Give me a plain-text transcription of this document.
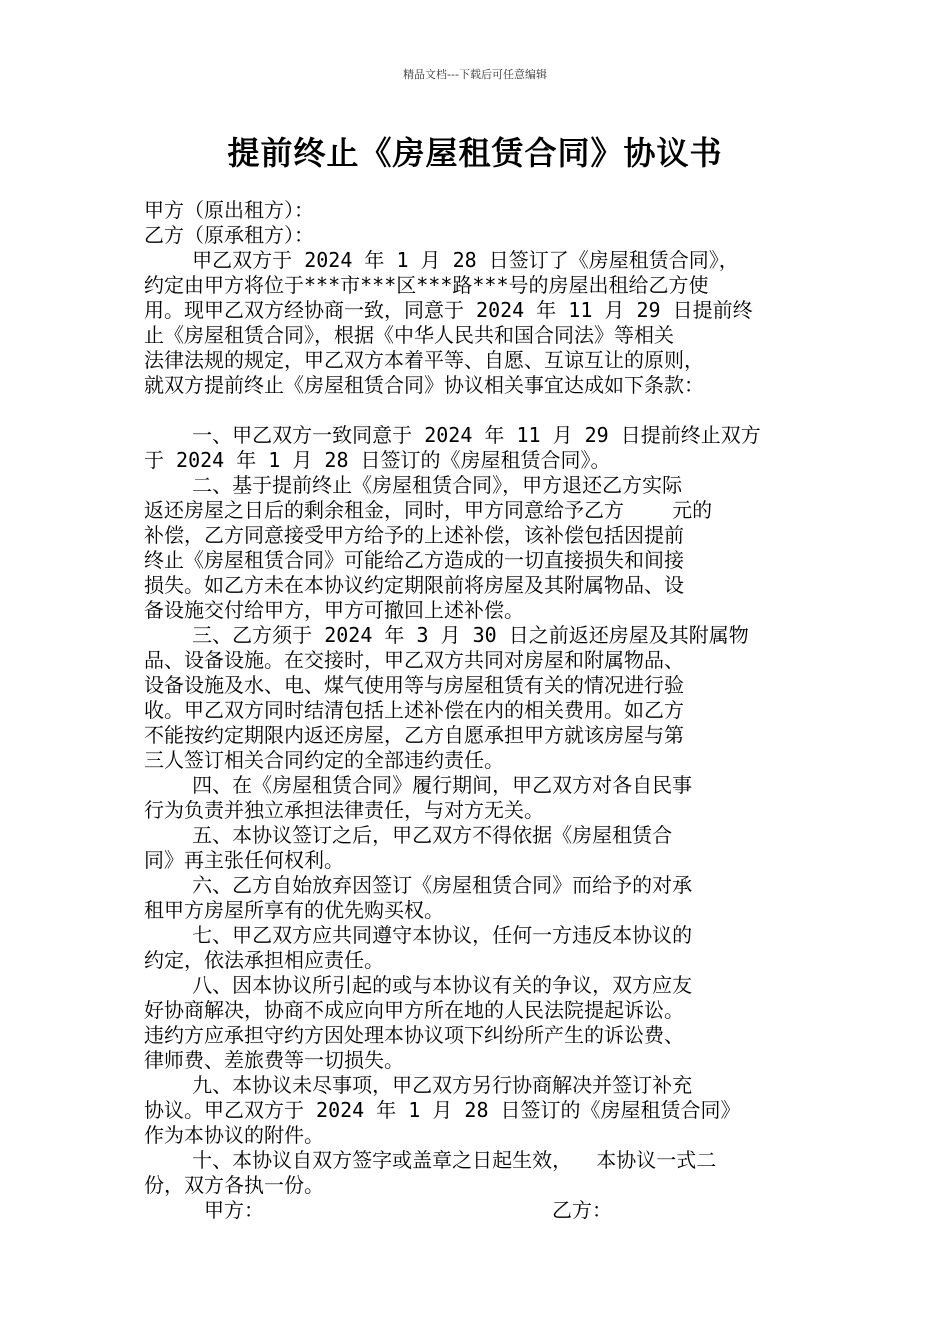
精品文档---下载后可任意编辑
提前终止《房屋租赁合同》协议书
甲方（原出租方）：
乙方（原承租方）：
甲乙双方于 2024 年 1 月 28 日签订了《房屋租赁合同》，
约定由甲方将位于***市***区***路***号的房屋出租给乙方使
用。现甲乙双方经协商一致，同意于 2024 年 11 月 29 日提前终
止《房屋租赁合同》，根据《中华人民共和国合同法》等相关
法律法规的规定，甲乙双方本着平等、自愿、互谅互让的原则，
就双方提前终止《房屋租赁合同》协议相关事宜达成如下条款：
一、甲乙双方一致同意于 2024 年 11 月 29 日提前终止双方
于 2024 年 1 月 28 日签订的《房屋租赁合同》。
二、基于提前终止《房屋租赁合同》，甲方退还乙方实际
返还房屋之日后的剩余租金，同时，甲方同意给予乙方    元的
补偿，乙方同意接受甲方给予的上述补偿，该补偿包括因提前
终止《房屋租赁合同》可能给乙方造成的一切直接损失和间接
损失。如乙方未在本协议约定期限前将房屋及其附属物品、设
备设施交付给甲方，甲方可撤回上述补偿。
三、乙方须于 2024 年 3 月 30 日之前返还房屋及其附属物
品、设备设施。在交接时，甲乙双方共同对房屋和附属物品、
设备设施及水、电、煤气使用等与房屋租赁有关的情况进行验
收。甲乙双方同时结清包括上述补偿在内的相关费用。如乙方
不能按约定期限内返还房屋，乙方自愿承担甲方就该房屋与第
三人签订相关合同约定的全部违约责任。
四、在《房屋租赁合同》履行期间，甲乙双方对各自民事
行为负责并独立承担法律责任，与对方无关。
五、本协议签订之后，甲乙双方不得依据《房屋租赁合
同》再主张任何权利。
六、乙方自始放弃因签订《房屋租赁合同》而给予的对承
租甲方房屋所享有的优先购买权。
七、甲乙双方应共同遵守本协议，任何一方违反本协议的
约定，依法承担相应责任。
八、因本协议所引起的或与本协议有关的争议，双方应友
好协商解决，协商不成应向甲方所在地的人民法院提起诉讼。
违约方应承担守约方因处理本协议项下纠纷所产生的诉讼费、
律师费、差旅费等一切损失。
九、本协议未尽事项，甲乙双方另行协商解决并签订补充
协议。甲乙双方于 2024 年 1 月 28 日签订的《房屋租赁合同》
作为本协议的附件。
十、本协议自双方签字或盖章之日起生效，  本协议一式二
份，双方各执一份。
甲方：	乙方：
